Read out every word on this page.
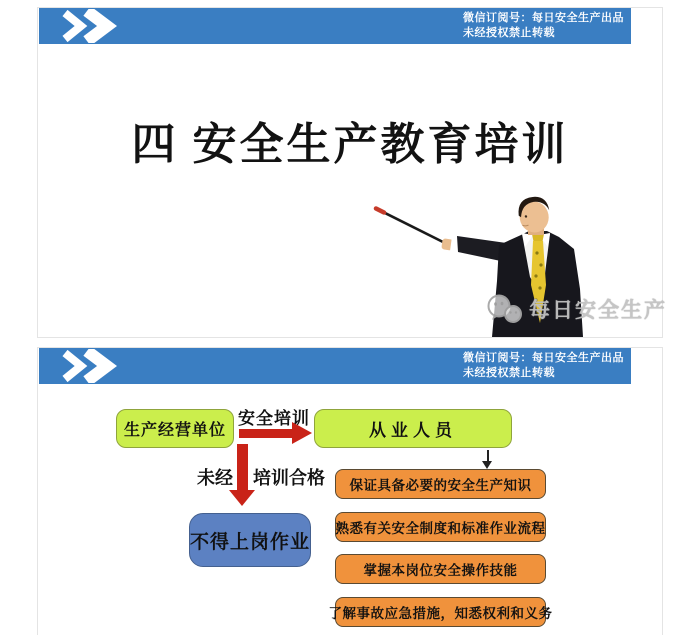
微信订阅号：每日安全生产出品
未经授权禁止转载
四 安全生产教育培训
每日安全生产
微信订阅号：每日安全生产出品
未经授权禁止转载
生产经营单位
安全培训
从业人员
未经 培训合格
不得上岗作业
保证具备必要的安全生产知识
熟悉有关安全制度和标准作业流程
掌握本岗位安全操作技能
了解事故应急措施，知悉权利和义务
